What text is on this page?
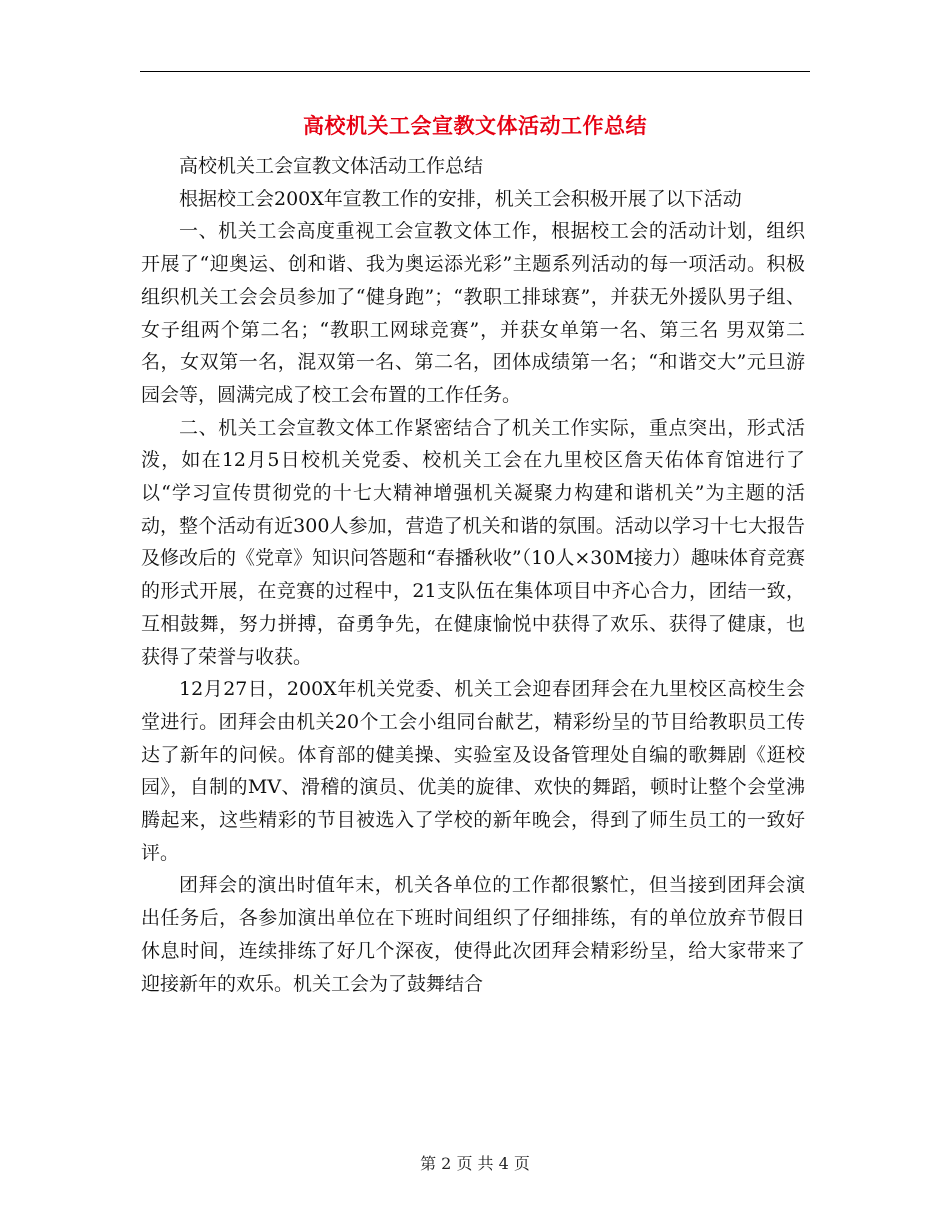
高校机关工会宣教文体活动工作总结

高校机关工会宣教文体活动工作总结

根据校工会200X年宣教工作的安排，机关工会积极开展了以下活动

一、机关工会高度重视工会宣教文体工作，根据校工会的活动计划，组织开展了“迎奥运、创和谐、我为奥运添光彩”主题系列活动的每一项活动。积极组织机关工会会员参加了“健身跑”；“教职工排球赛”，并获无外援队男子组、女子组两个第二名；“教职工网球竞赛”，并获女单第一名、第三名 男双第二名，女双第一名，混双第一名、第二名，团体成绩第一名；“和谐交大”元旦游园会等，圆满完成了校工会布置的工作任务。

二、机关工会宣教文体工作紧密结合了机关工作实际，重点突出，形式活泼，如在12月5日校机关党委、校机关工会在九里校区詹天佑体育馆进行了以“学习宣传贯彻党的十七大精神增强机关凝聚力构建和谐机关”为主题的活动，整个活动有近300人参加，营造了机关和谐的氛围。活动以学习十七大报告及修改后的《党章》知识问答题和“春播秋收”（10人×30M接力）趣味体育竞赛的形式开展，在竞赛的过程中，21支队伍在集体项目中齐心合力，团结一致，互相鼓舞，努力拼搏，奋勇争先，在健康愉悦中获得了欢乐、获得了健康，也获得了荣誉与收获。

12月27日，200X年机关党委、机关工会迎春团拜会在九里校区高校生会堂进行。团拜会由机关20个工会小组同台献艺，精彩纷呈的节目给教职员工传达了新年的问候。体育部的健美操、实验室及设备管理处自编的歌舞剧《逛校园》，自制的MV、滑稽的演员、优美的旋律、欢快的舞蹈，顿时让整个会堂沸腾起来，这些精彩的节目被选入了学校的新年晚会，得到了师生员工的一致好评。

团拜会的演出时值年末，机关各单位的工作都很繁忙，但当接到团拜会演出任务后，各参加演出单位在下班时间组织了仔细排练，有的单位放弃节假日休息时间，连续排练了好几个深夜，使得此次团拜会精彩纷呈，给大家带来了迎接新年的欢乐。机关工会为了鼓舞结合

第 2 页 共 4 页
